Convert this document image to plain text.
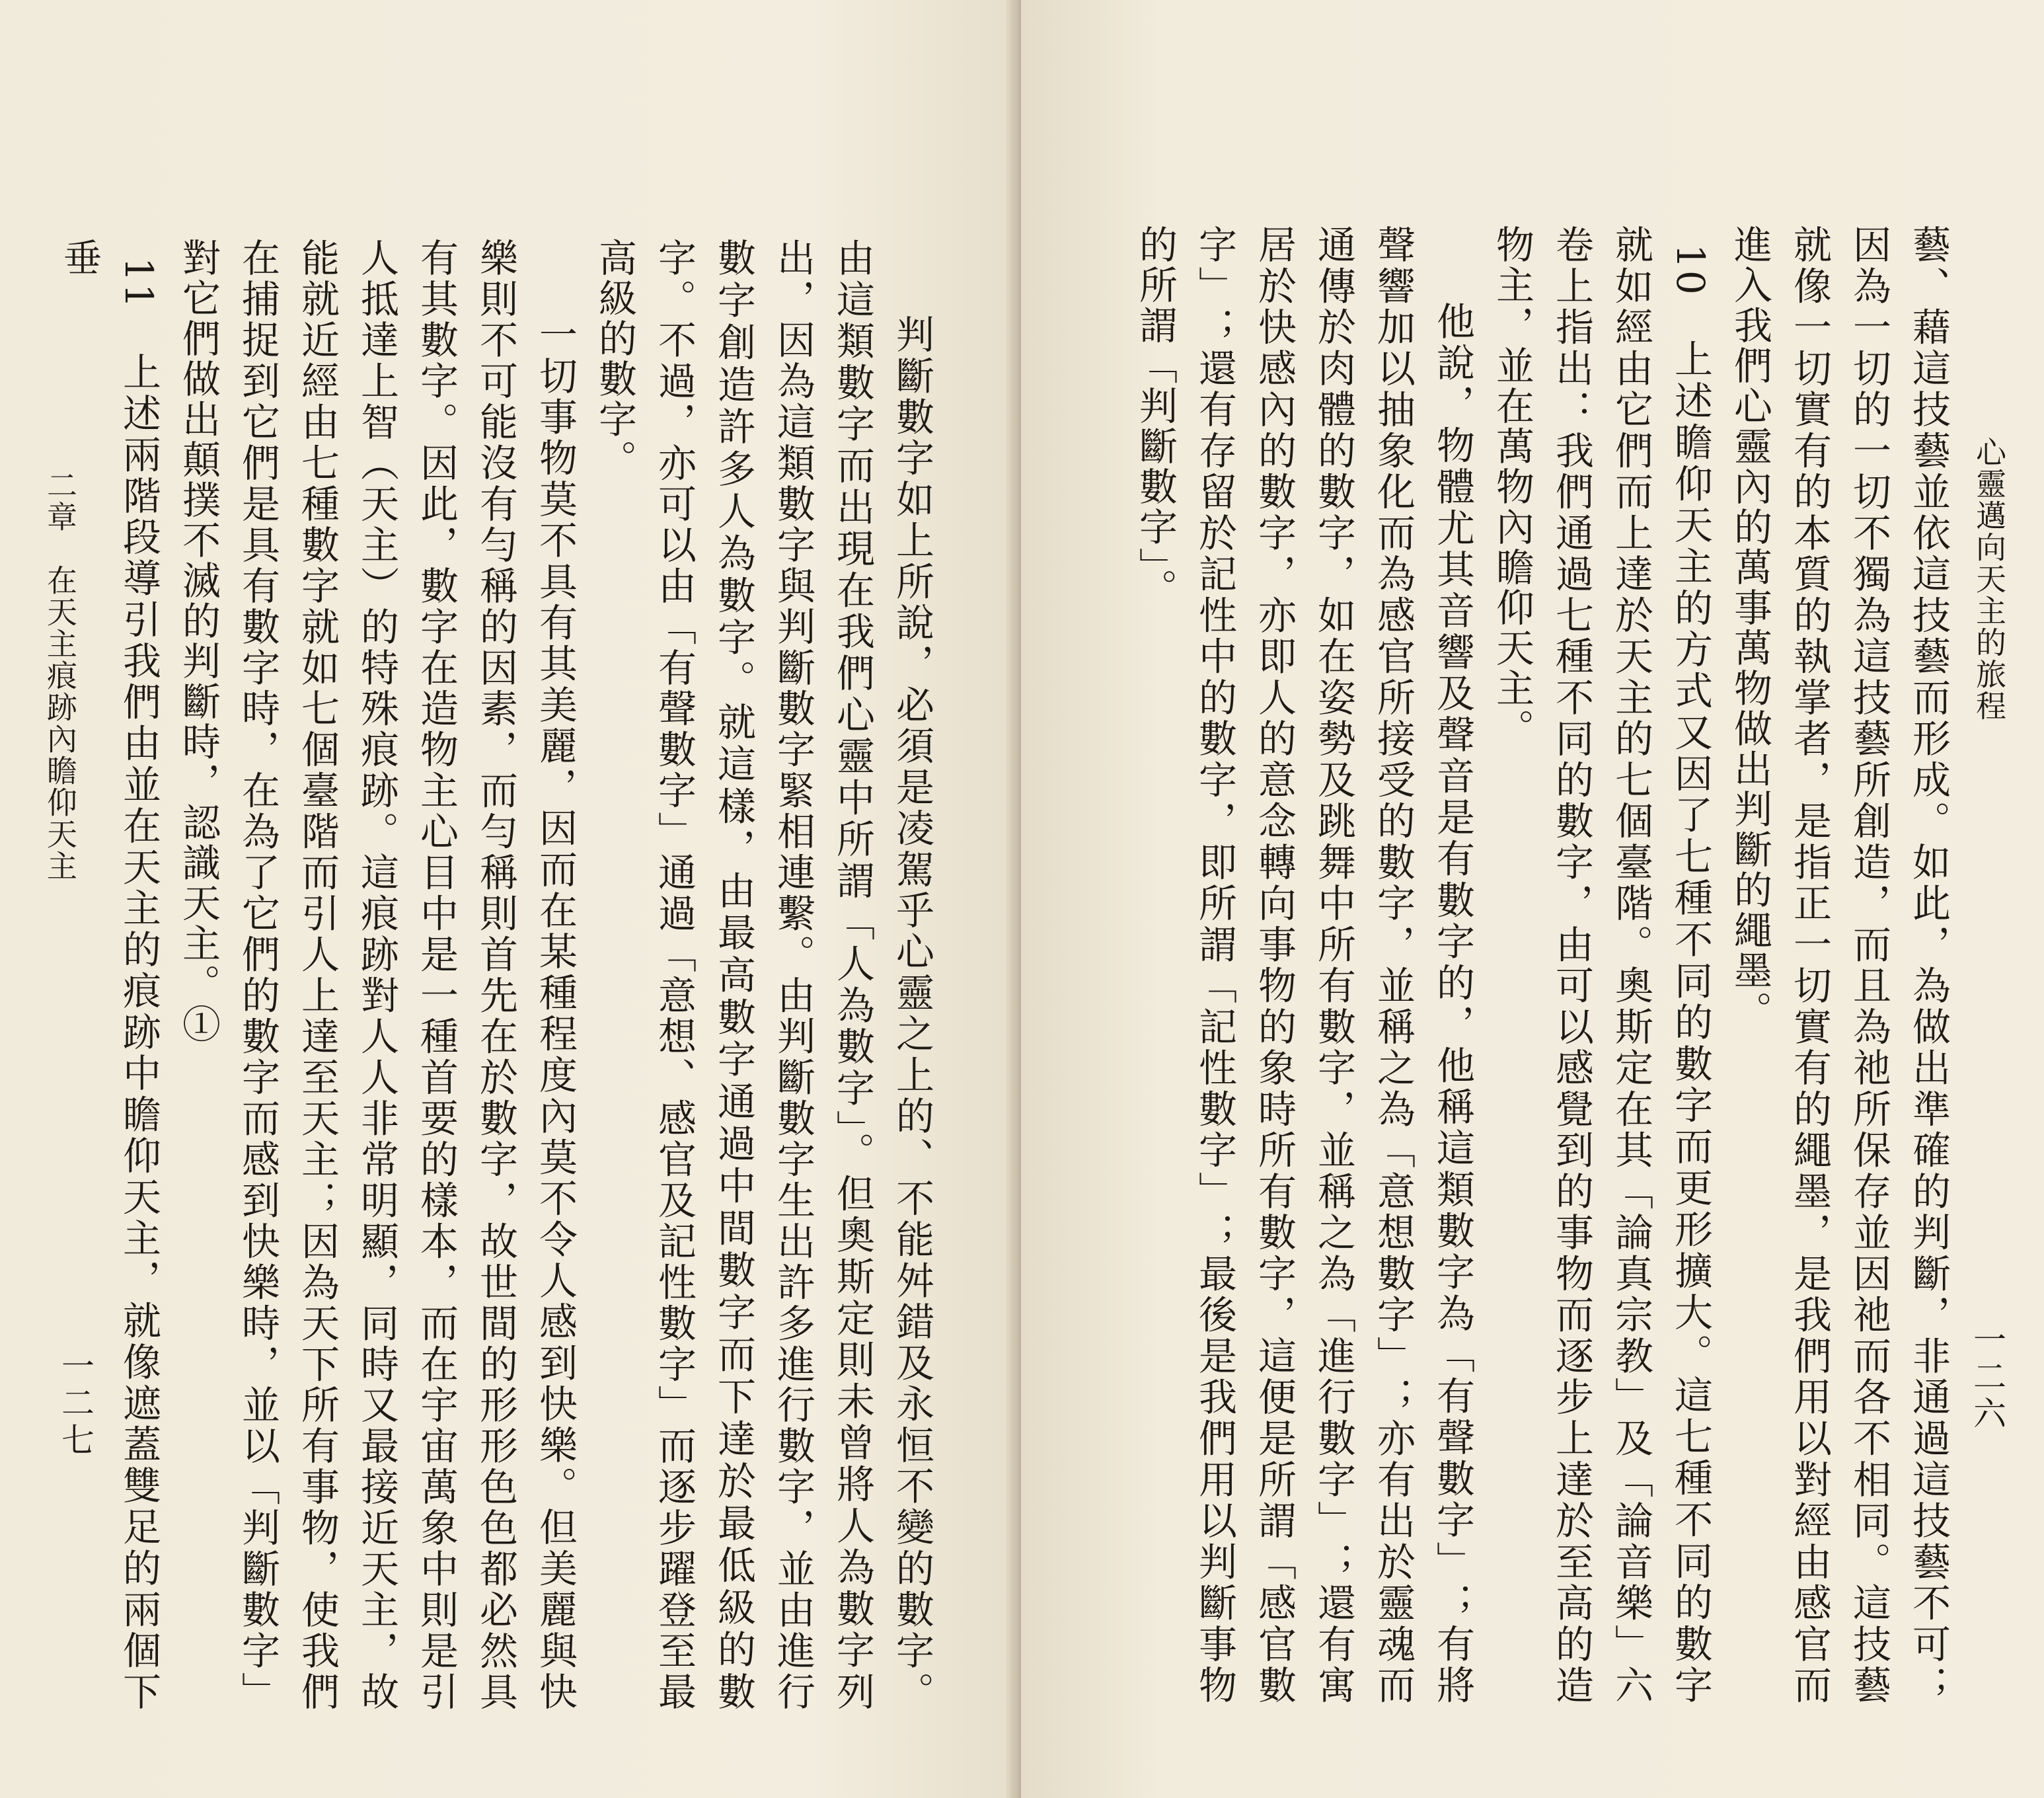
判斷數字如上所說，必須是凌駕乎心靈之上的、不能舛錯及永恒不變的數字。由這類數字而出現在我們心靈中所謂「人為數字」。但奧斯定則未曾將人為數字列出，因為這類數字與判斷數字緊相連繫。由判斷數字生出許多進行數字，並由進行數字創造許多人為數字。就這樣，由最高數字通過中間數字而下達於最低級的數字。不過，亦可以由「有聲數字」通過「意想、感官及記性數字」而逐步躍登至最高級的數字。

一切事物莫不具有其美麗，因而在某種程度內莫不令人感到快樂。但美麗與快樂則不可能沒有勻稱的因素，而勻稱則首先在於數字，故世間的形形色色都必然具有其數字。因此，數字在造物主心目中是一種首要的樣本，而在宇宙萬象中則是引人抵達上智（天主）的特殊痕跡。這痕跡對人人非常明顯，同時又最接近天主，故能就近經由七種數字就如七個臺階而引人上達至天主；因為天下所有事物，使我們在捕捉到它們是具有數字時，在為了它們的數字而感到快樂時，並以「判斷數字」對它們做出顛撲不滅的判斷時，認識天主。①

11　上述兩階段導引我們由並在天主的痕跡中瞻仰天主，就像遮蓋雙足的兩個下垂

二章　在天主痕跡內瞻仰天主
一二七
心靈邁向天主的旅程
一二六

藝、藉這技藝並依這技藝而形成。如此，為做出準確的判斷，非通過這技藝不可；因為一切的一切不獨為這技藝所創造，而且為祂所保存並因祂而各不相同。這技藝就像一切實有的本質的執掌者，是指正一切實有的繩墨，是我們用以對經由感官而進入我們心靈內的萬事萬物做出判斷的繩墨。

10　上述瞻仰天主的方式又因了七種不同的數字而更形擴大。這七種不同的數字就如經由它們而上達於天主的七個臺階。奧斯定在其「論真宗教」及「論音樂」六卷上指出：我們通過七種不同的數字，由可以感覺到的事物而逐步上達於至高的造物主，並在萬物內瞻仰天主。

他說，物體尤其音響及聲音是有數字的，他稱這類數字為「有聲數字」；有將聲響加以抽象化而為感官所接受的數字，並稱之為「意想數字」；亦有出於靈魂而通傳於肉體的數字，如在姿勢及跳舞中所有數字，並稱之為「進行數字」；還有寓居於快感內的數字，亦即人的意念轉向事物的象時所有數字，這便是所謂「感官數字」；還有存留於記性中的數字，即所謂「記性數字」；最後是我們用以判斷事物的所謂「判斷數字」。
